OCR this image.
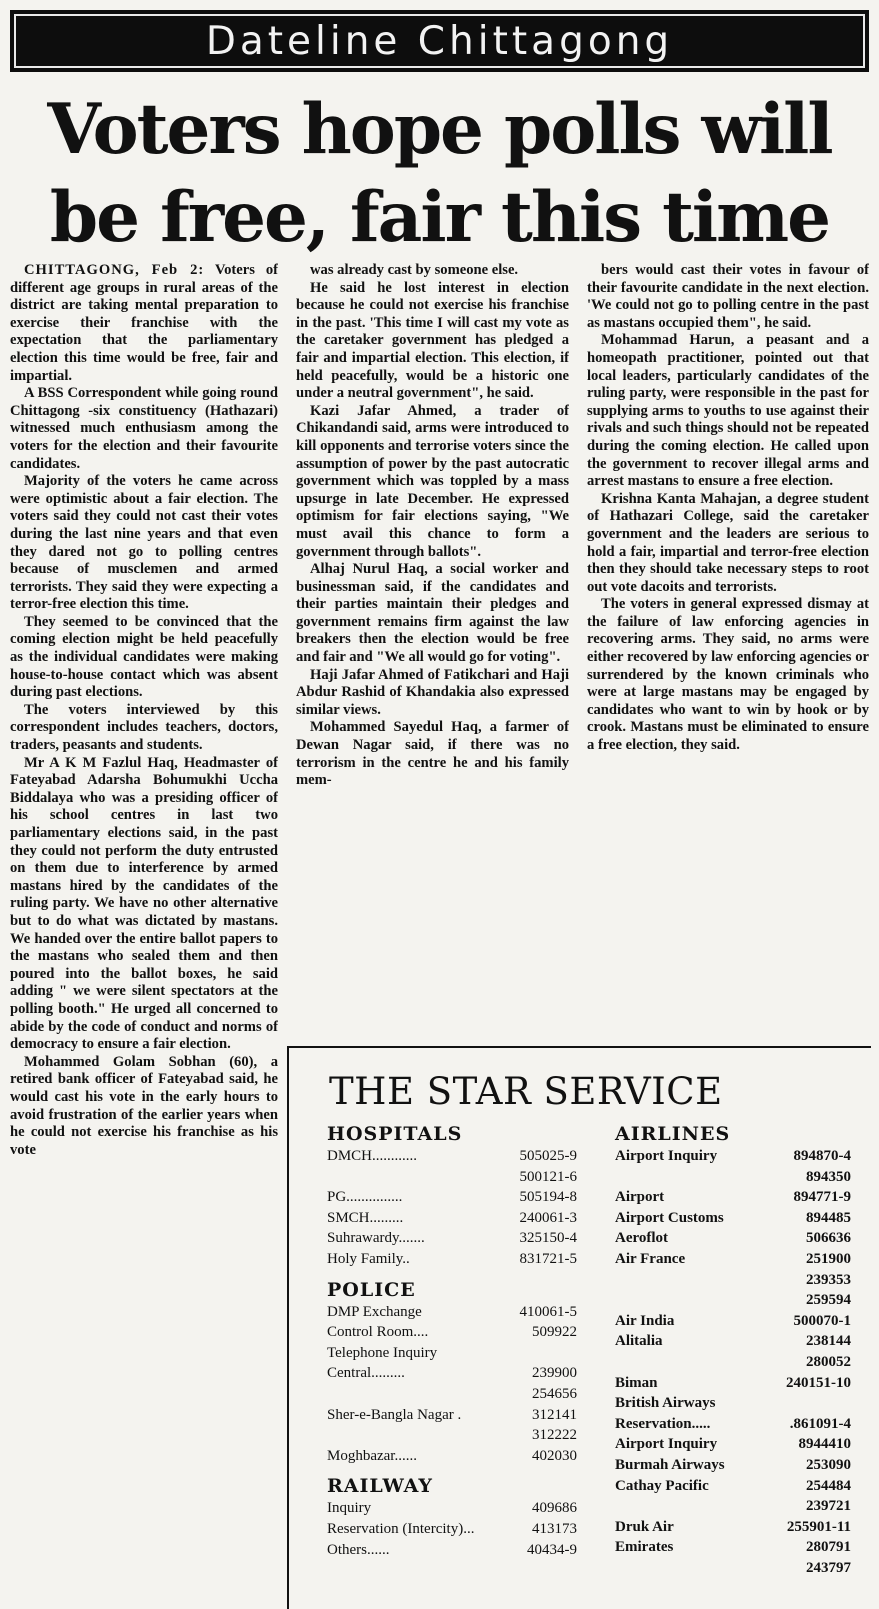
Dateline Chittagong
Voters hope polls will
be free, fair this time

CHITTAGONG, Feb 2: Voters of different age groups in rural areas of the district are taking mental preparation to exercise their franchise with the expectation that the parliamentary election this time would be free, fair and impartial.

A BSS Correspondent while going round Chittagong -six constituency (Hathazari) witnessed much enthusiasm among the voters for the election and their favourite candidates.

Majority of the voters he came across were optimistic about a fair election. The voters said they could not cast their votes during the last nine years and that even they dared not go to polling centres because of musclemen and armed terrorists. They said they were expecting a terror-free election this time.

They seemed to be convinced that the coming election might be held peacefully as the individual candidates were making house-to-house contact which was absent during past elections.

The voters interviewed by this correspondent includes teachers, doctors, traders, peasants and students.

Mr A K M Fazlul Haq, Headmaster of Fateyabad Adarsha Bohumukhi Uccha Biddalaya who was a presiding officer of his school centres in last two parliamentary elections said, in the past they could not perform the duty entrusted on them due to interference by armed mastans hired by the candidates of the ruling party. We have no other alternative but to do what was dictated by mastans. We handed over the entire ballot papers to the mastans who sealed them and then poured into the ballot boxes, he said adding " we were silent spectators at the polling booth." He urged all concerned to abide by the code of conduct and norms of democracy to ensure a fair election.

Mohammed Golam Sobhan (60), a retired bank officer of Fateyabad said, he would cast his vote in the early hours to avoid frustration of the earlier years when he could not exercise his franchise as his vote

was already cast by someone else.

He said he lost interest in election because he could not exercise his franchise in the past. 'This time I will cast my vote as the caretaker government has pledged a fair and impartial election. This election, if held peacefully, would be a historic one under a neutral government", he said.

Kazi Jafar Ahmed, a trader of Chikandandi said, arms were introduced to kill opponents and terrorise voters since the assumption of power by the past autocratic government which was toppled by a mass upsurge in late December. He expressed optimism for fair elections saying, "We must avail this chance to form a government through ballots".

Alhaj Nurul Haq, a social worker and businessman said, if the candidates and their parties maintain their pledges and government remains firm against the law breakers then the election would be free and fair and "We all would go for voting".

Haji Jafar Ahmed of Fatikchari and Haji Abdur Rashid of Khandakia also expressed similar views.

Mohammed Sayedul Haq, a farmer of Dewan Nagar said, if there was no terrorism in the centre he and his family mem-

bers would cast their votes in favour of their favourite candidate in the next election. 'We could not go to polling centre in the past as mastans occupied them", he said.

Mohammad Harun, a peasant and a homeopath practitioner, pointed out that local leaders, particularly candidates of the ruling party, were responsible in the past for supplying arms to youths to use against their rivals and such things should not be repeated during the coming election. He called upon the government to recover illegal arms and arrest mastans to ensure a free election.

Krishna Kanta Mahajan, a degree student of Hathazari College, said the caretaker government and the leaders are serious to hold a fair, impartial and terror-free election then they should take necessary steps to root out vote dacoits and terrorists.

The voters in general expressed dismay at the failure of law enforcing agencies in recovering arms. They said, no arms were either recovered by law enforcing agencies or surrendered by the known criminals who were at large mastans may be engaged by candidates who want to win by hook or by crook. Mastans must be eliminated to ensure a free election, they said.

THE STAR SERVICE
HOSPITALS
DMCH............	505025-9
500121-6
PG...............	505194-8
SMCH.........	240061-3
Suhrawardy.......	325150-4
Holy Family..	831721-5
POLICE
DMP Exchange	410061-5
Control Room....	509922
Telephone Inquiry
Central.........	239900
254656
Sher-e-Bangla Nagar .	312141
312222
Moghbazar......	402030
RAILWAY
Inquiry	409686
Reservation (Intercity)...	413173
Others......	40434-9
AIRLINES
Airport Inquiry	894870-4
894350
Airport	894771-9
Airport Customs	894485
Aeroflot	506636
Air France	251900
239353
259594
Air India	500070-1
Alitalia	238144
280052
Biman	240151-10
British Airways
Reservation.....	.861091-4
Airport Inquiry	8944410
Burmah Airways	253090
Cathay Pacific	254484
239721
Druk Air	255901-11
Emirates	280791
243797
